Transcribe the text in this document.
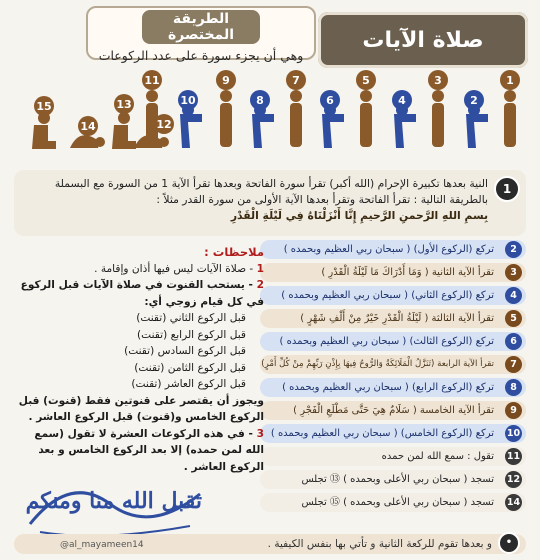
صلاة الآيات
الطريقة المختصرة
وهي أن يجزء سورة على عدد الركوعات
1
2
3
4
5
6
7
8
9
10
11
12
13
14
15
1
النية بعدها تكبيرة الإحرام (الله أكبر) تقرأ سورة الفاتحة وبعدها تقرأ الآية 1 من السورة مع البسملة
بالطريقة التالية : تقرأ الفاتحة وتقرأ بعدها الآية الأولى من سورة القدر مثلاً :
بِسمِ اللهِ الرَّحمنِ الرَّحيمِ إِنَّا أَنْزَلْنَاهُ فِي لَيْلَةِ الْقَدْرِ
2
تركع (الركوع الأول) ( سبحان ربي العظيم وبحمده )
3
تقرأ الآية الثانية ( وَمَا أَدْرَاكَ مَا لَيْلَةُ الْقَدْرِ )
4
تركع (الركوع الثاني) ( سبحان ربي العظيم وبحمده )
5
تقرأ الآية الثالثة ( لَيْلَةُ الْقَدْرِ خَيْرٌ مِنْ أَلْفِ شَهْرٍ )
6
تركع (الركوع الثالث) ( سبحان ربي العظيم وبحمده )
7
تقرأ الآية الرابعة (تَنَزَّلُ الْمَلَائِكَةُ وَالرُّوحُ فِيهَا بِإِذْنِ رَبِّهِمْ مِنْ كُلِّ أَمْرٍ)
8
تركع (الركوع الرابع) ( سبحان ربي العظيم وبحمده )
9
تقرأ الآية الخامسة ( سَلَامٌ هِيَ حَتَّى مَطْلَعِ الْفَجْرِ )
10
تركع (الركوع الخامس) ( سبحان ربي العظيم وبحمده )
11
تقول : سمع الله لمن حمده
12
تسجد ( سبحان ربي الأعلى وبحمده ) ⑬ تجلس
14
تسجد ( سبحان ربي الأعلى وبحمده ) ⑮ تجلس
ملاحظات :
1 - صلاة الآيات ليس فيها أذان وإقامة .
2 - يستحب القنوت في صلاة الآيات قبل الركوع في كل قيام زوجي أي:
قبل الركوع الثاني (تقنت)
قبل الركوع الرابع (تقنت)
قبل الركوع السادس (تقنت)
قبل الركوع الثامن (تقنت)
قبل الركوع العاشر (تقنت)
ويجوز أن يقتصر على قنوتين فقط (قنوت) قبل الركوع الخامس و(قنوت) قبل الركوع العاشر .
3 - في هذه الركوعات العشرة لا تقول (سمع الله لمن حمده) إلا بعد الركوع الخامس و بعد الركوع العاشر .
تقبل الله منا ومنكم
•
و بعدها تقوم للركعة الثانية و تأتي بها بنفس الكيفية .
@al_mayameen14
